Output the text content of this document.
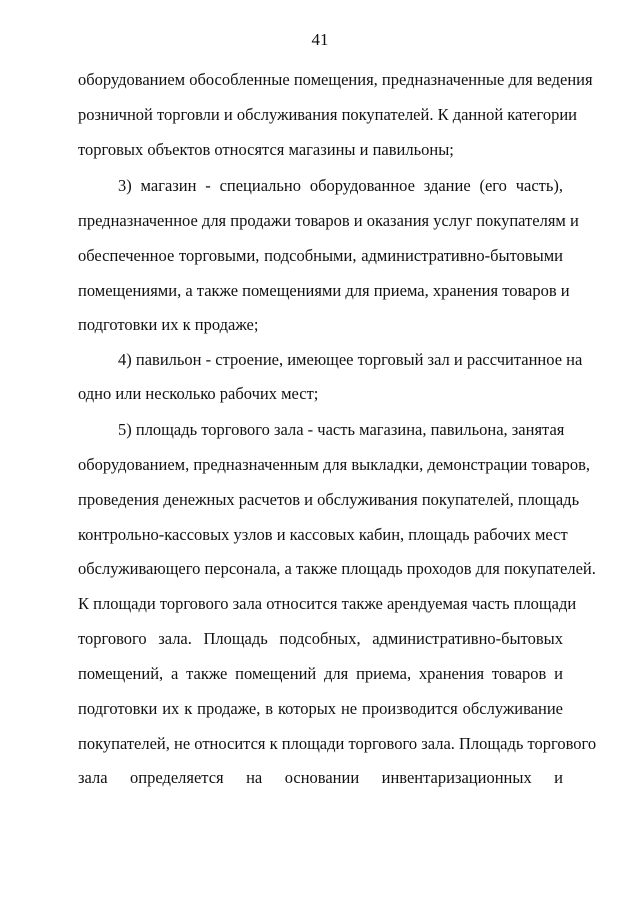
41
оборудованием обособленные помещения, предназначенные для ведения
розничной торговли и обслуживания покупателей. К данной категории
торговых объектов относятся магазины и павильоны;
3) магазин - специально оборудованное здание (его часть),
предназначенное для продажи товаров и оказания услуг покупателям и
обеспеченное торговыми, подсобными, административно-бытовыми
помещениями, а также помещениями для приема, хранения товаров и
подготовки их к продаже;
4) павильон - строение, имеющее торговый зал и рассчитанное на
одно или несколько рабочих мест;
5) площадь торгового зала - часть магазина, павильона, занятая
оборудованием, предназначенным для выкладки, демонстрации товаров,
проведения денежных расчетов и обслуживания покупателей, площадь
контрольно-кассовых узлов и кассовых кабин, площадь рабочих мест
обслуживающего персонала, а также площадь проходов для покупателей.
К площади торгового зала относится также арендуемая часть площади
торгового зала. Площадь подсобных, административно-бытовых
помещений, а также помещений для приема, хранения товаров и
подготовки их к продаже, в которых не производится обслуживание
покупателей, не относится к площади торгового зала. Площадь торгового
зала определяется на основании инвентаризационных и
